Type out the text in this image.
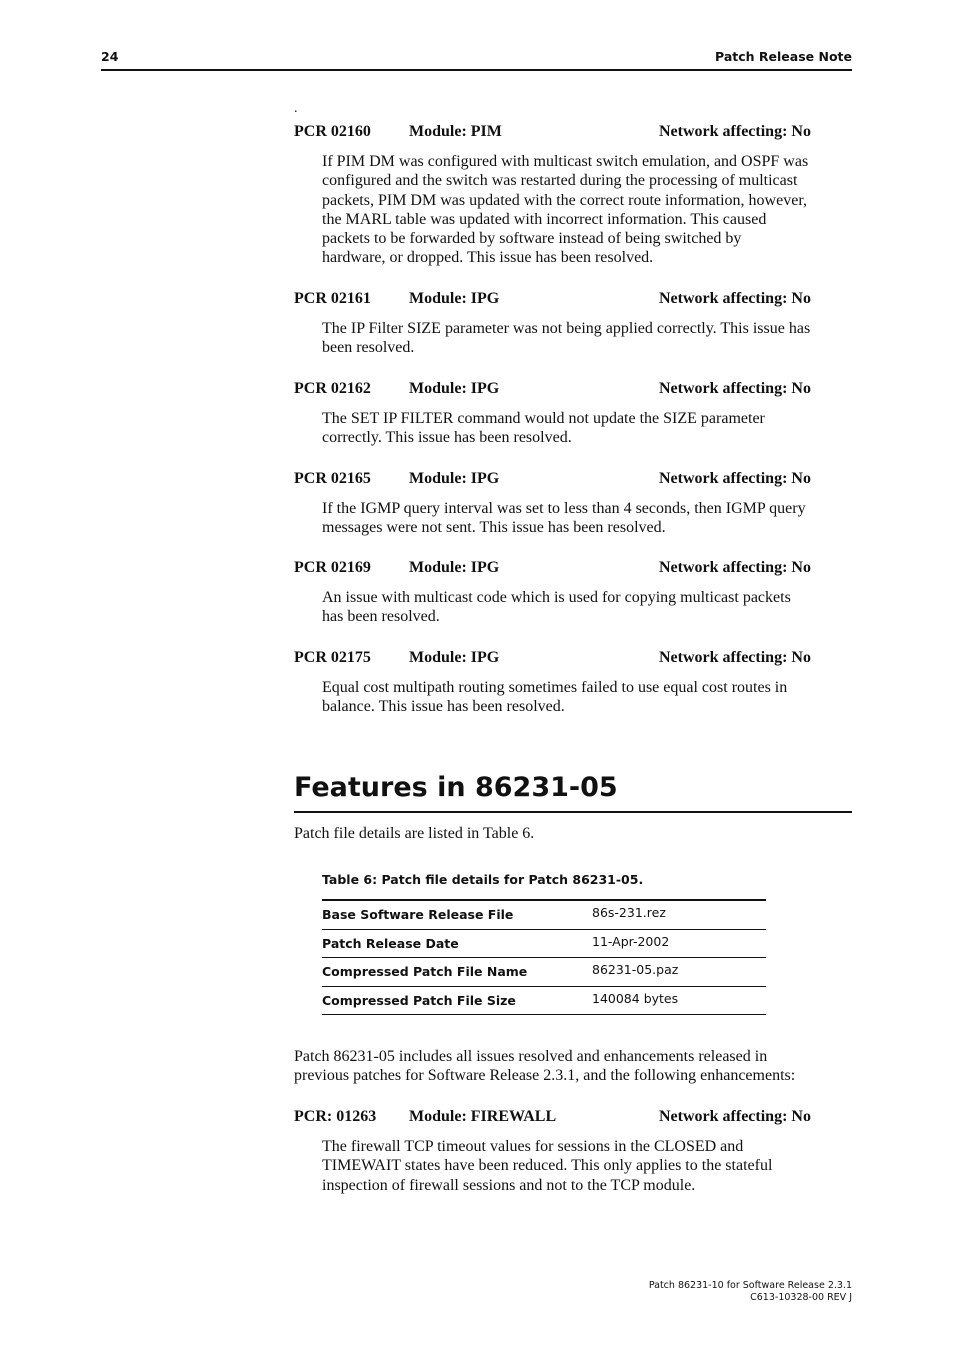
24	Patch Release Note
.
PCR 02160 Module: PIM	Network affecting: No
If PIM DM was configured with multicast switch emulation, and OSPF was
configured and the switch was restarted during the processing of multicast
packets, PIM DM was updated with the correct route information, however,
the MARL table was updated with incorrect information. This caused
packets to be forwarded by software instead of being switched by
hardware, or dropped. This issue has been resolved.
PCR 02161 Module: IPG	Network affecting: No
The IP Filter SIZE parameter was not being applied correctly. This issue has
been resolved.
PCR 02162 Module: IPG	Network affecting: No
The SET IP FILTER command would not update the SIZE parameter
correctly. This issue has been resolved.
PCR 02165 Module: IPG	Network affecting: No
If the IGMP query interval was set to less than 4 seconds, then IGMP query
messages were not sent. This issue has been resolved.
PCR 02169 Module: IPG	Network affecting: No
An issue with multicast code which is used for copying multicast packets
has been resolved.
PCR 02175 Module: IPG	Network affecting: No
Equal cost multipath routing sometimes failed to use equal cost routes in
balance. This issue has been resolved.
Features in 86231-05
Patch file details are listed in Table 6.
Table 6: Patch file details for Patch 86231-05.
Base Software Release File	86s-231.rez
Patch Release Date	11-Apr-2002
Compressed Patch File Name	86231-05.paz
Compressed Patch File Size	140084 bytes
Patch 86231-05 includes all issues resolved and enhancements released in
previous patches for Software Release 2.3.1, and the following enhancements:
PCR: 01263 Module: FIREWALL	Network affecting: No
The firewall TCP timeout values for sessions in the CLOSED and
TIMEWAIT states have been reduced. This only applies to the stateful
inspection of firewall sessions and not to the TCP module.
Patch 86231-10 for Software Release 2.3.1
C613-10328-00 REV J
